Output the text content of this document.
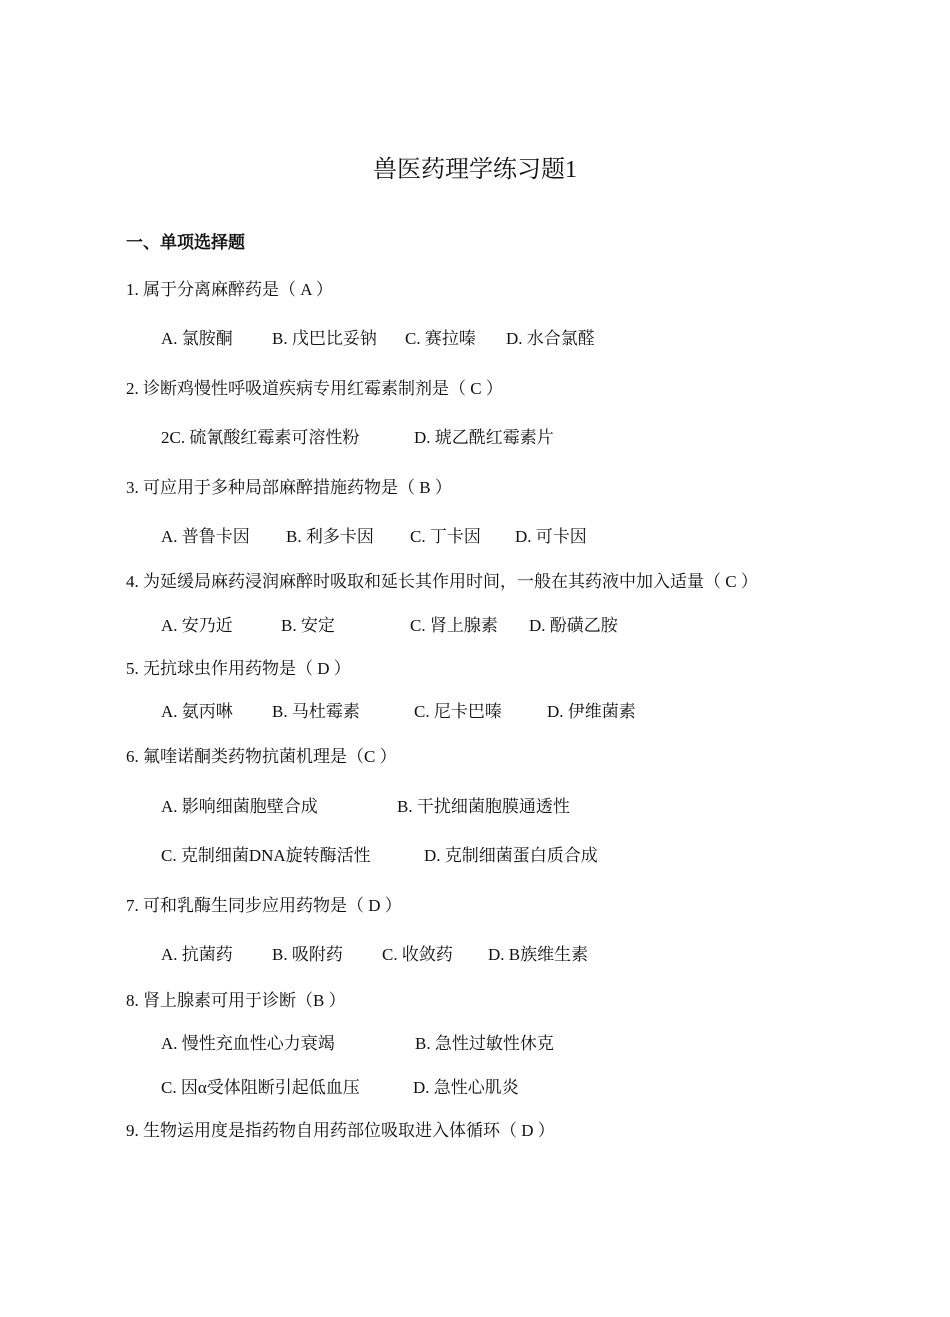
兽医药理学练习题1
一、单项选择题
1. 属于分离麻醉药是（ A ）
A. 氯胺酮 B. 戊巴比妥钠 C. 赛拉嗪 D. 水合氯醛
2. 诊断鸡慢性呼吸道疾病专用红霉素制剂是（ C ）
2C. 硫氰酸红霉素可溶性粉	D. 琥乙酰红霉素片
3. 可应用于多种局部麻醉措施药物是（ B ）
A. 普鲁卡因 B. 利多卡因 C. 丁卡因 D. 可卡因
4. 为延缓局麻药浸润麻醉时吸取和延长其作用时间，一般在其药液中加入适量（ C ）
A. 安乃近	B. 安定	C. 肾上腺素 D. 酚磺乙胺
5. 无抗球虫作用药物是（ D ）
A. 氨丙啉 B. 马杜霉素	C. 尼卡巴嗪	D. 伊维菌素
6. 氟喹诺酮类药物抗菌机理是（C ）
A. 影响细菌胞壁合成	B. 干扰细菌胞膜通透性
C. 克制细菌DNA旋转酶活性	D. 克制细菌蛋白质合成
7. 可和乳酶生同步应用药物是（ D ）
A. 抗菌药 B. 吸附药 C. 收敛药 D. B族维生素
8. 肾上腺素可用于诊断（B ）
A. 慢性充血性心力衰竭	B. 急性过敏性休克
C. 因α受体阻断引起低血压	D. 急性心肌炎
9. 生物运用度是指药物自用药部位吸取进入体循环（ D ）
